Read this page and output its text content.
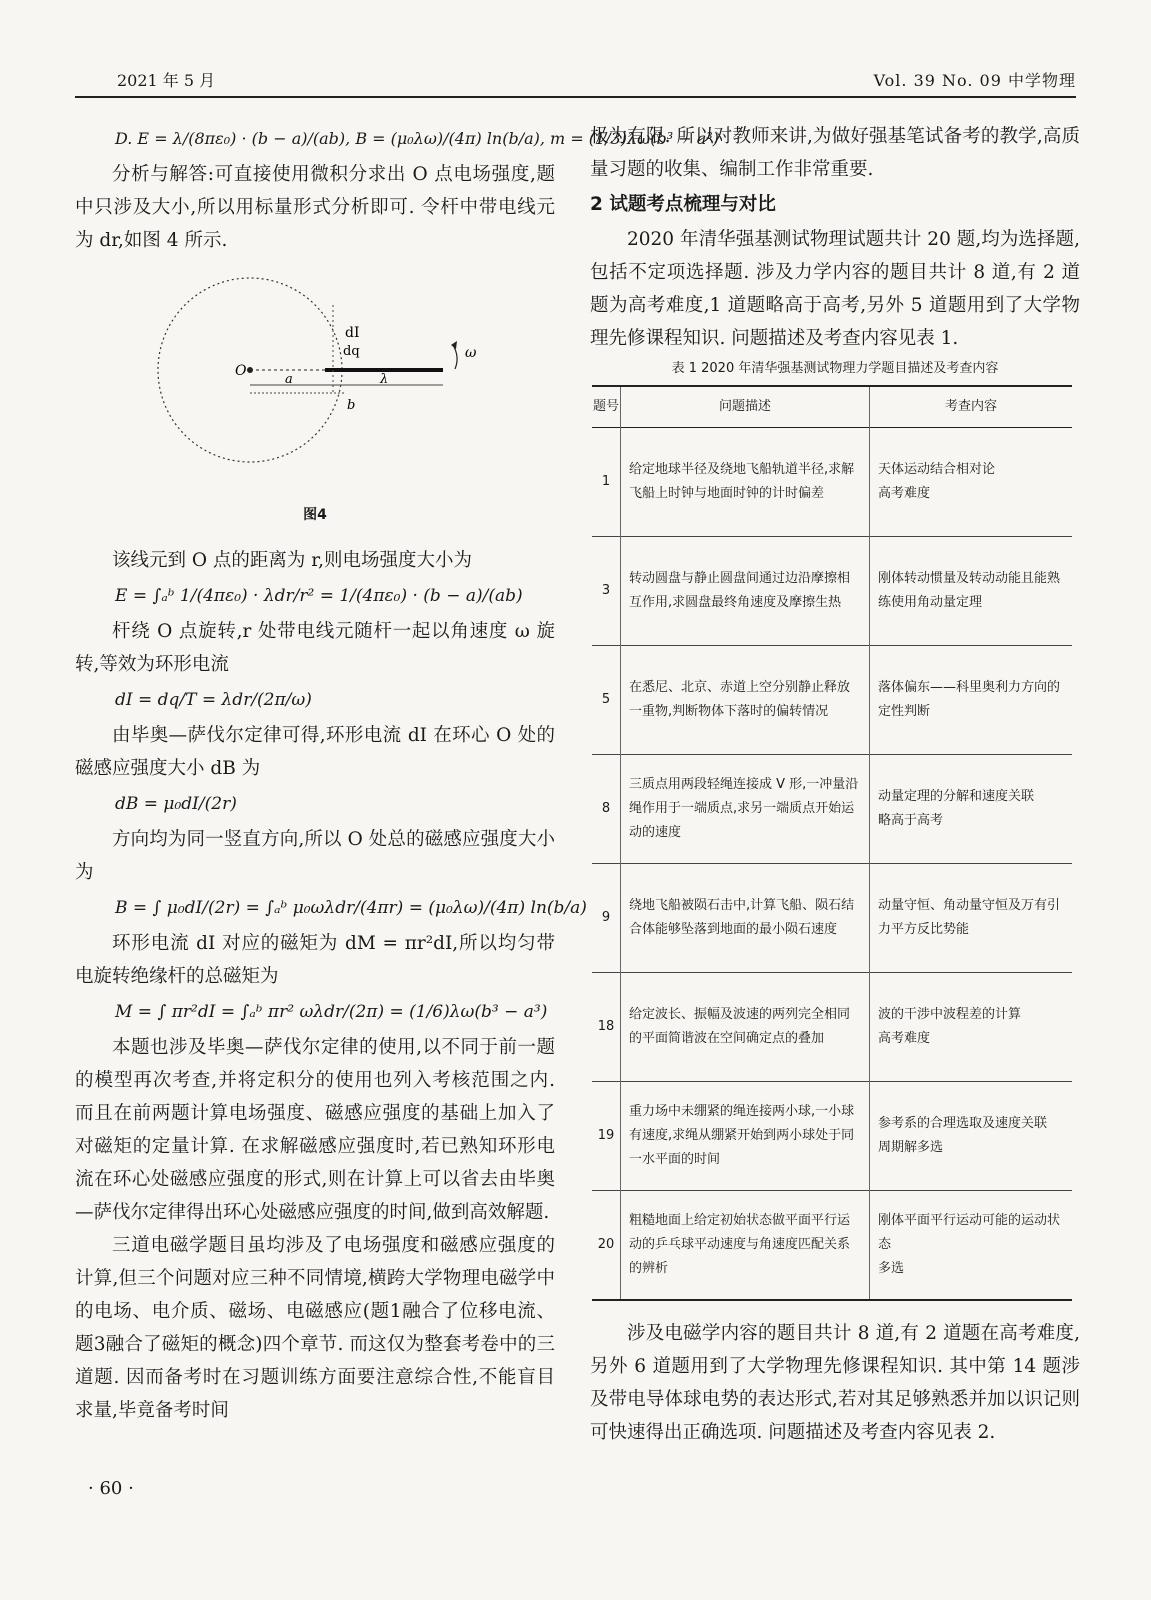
2021 年 5 月	Vol. 39 No. 09 中学物理
D. E = λ/(8πε₀) · (b − a)/(ab), B = (μ₀λω)/(4π) ln(b/a), m = (1/3)λω(b³ − a³)

分析与解答:可直接使用微积分求出 O 点电场强度,题中只涉及大小,所以用标量形式分析即可. 令杆中带电线元为 dr,如图 4 所示.

dI
dq	ω
O
a	λ
b

图4

该线元到 O 点的距离为 r,则电场强度大小为

E = ∫ₐᵇ 1/(4πε₀) · λdr/r² = 1/(4πε₀) · (b − a)/(ab)

杆绕 O 点旋转,r 处带电线元随杆一起以角速度 ω 旋转,等效为环形电流

dI = dq/T = λdr/(2π/ω)

由毕奥—萨伐尔定律可得,环形电流 dI 在环心 O 处的磁感应强度大小 dB 为

dB = μ₀dI/(2r)

方向均为同一竖直方向,所以 O 处总的磁感应强度大小为

B = ∫ μ₀dI/(2r) = ∫ₐᵇ μ₀ωλdr/(4πr) = (μ₀λω)/(4π) ln(b/a)

环形电流 dI 对应的磁矩为 dM = πr²dI,所以均匀带电旋转绝缘杆的总磁矩为

M = ∫ πr²dI = ∫ₐᵇ πr² ωλdr/(2π) = (1/6)λω(b³ − a³)

本题也涉及毕奥—萨伐尔定律的使用,以不同于前一题的模型再次考查,并将定积分的使用也列入考核范围之内. 而且在前两题计算电场强度、磁感应强度的基础上加入了对磁矩的定量计算. 在求解磁感应强度时,若已熟知环形电流在环心处磁感应强度的形式,则在计算上可以省去由毕奥—萨伐尔定律得出环心处磁感应强度的时间,做到高效解题.

三道电磁学题目虽均涉及了电场强度和磁感应强度的计算,但三个问题对应三种不同情境,横跨大学物理电磁学中的电场、电介质、磁场、电磁感应(题1融合了位移电流、题3融合了磁矩的概念)四个章节. 而这仅为整套考卷中的三道题. 因而备考时在习题训练方面要注意综合性,不能盲目求量,毕竟备考时间

极为有限. 所以对教师来讲,为做好强基笔试备考的教学,高质量习题的收集、编制工作非常重要.

2 试题考点梳理与对比

2020 年清华强基测试物理试题共计 20 题,均为选择题,包括不定项选择题. 涉及力学内容的题目共计 8 道,有 2 道题为高考难度,1 道题略高于高考,另外 5 道题用到了大学物理先修课程知识. 问题描述及考查内容见表 1.

表 1 2020 年清华强基测试物理力学题目描述及考查内容

题号	问题描述	考查内容
1	给定地球半径及绕地飞船轨道半径,求解飞船上时钟与地面时钟的计时偏差	天体运动结合相对论
高考难度
3	转动圆盘与静止圆盘间通过边沿摩擦相互作用,求圆盘最终角速度及摩擦生热	刚体转动惯量及转动动能且能熟练使用角动量定理
5	在悉尼、北京、赤道上空分别静止释放一重物,判断物体下落时的偏转情况	落体偏东——科里奥利力方向的定性判断
8	三质点用两段轻绳连接成 V 形,一冲量沿绳作用于一端质点,求另一端质点开始运动的速度	动量定理的分解和速度关联
略高于高考
9	绕地飞船被陨石击中,计算飞船、陨石结合体能够坠落到地面的最小陨石速度	动量守恒、角动量守恒及万有引力平方反比势能
18	给定波长、振幅及波速的两列完全相同的平面简谐波在空间确定点的叠加	波的干涉中波程差的计算
高考难度
19	重力场中未绷紧的绳连接两小球,一小球有速度,求绳从绷紧开始到两小球处于同一水平面的时间	参考系的合理选取及速度关联
周期解多选
20	粗糙地面上给定初始状态做平面平行运动的乒乓球平动速度与角速度匹配关系的辨析	刚体平面平行运动可能的运动状态
多选

涉及电磁学内容的题目共计 8 道,有 2 道题在高考难度,另外 6 道题用到了大学物理先修课程知识. 其中第 14 题涉及带电导体球电势的表达形式,若对其足够熟悉并加以识记则可快速得出正确选项. 问题描述及考查内容见表 2.

· 60 ·
